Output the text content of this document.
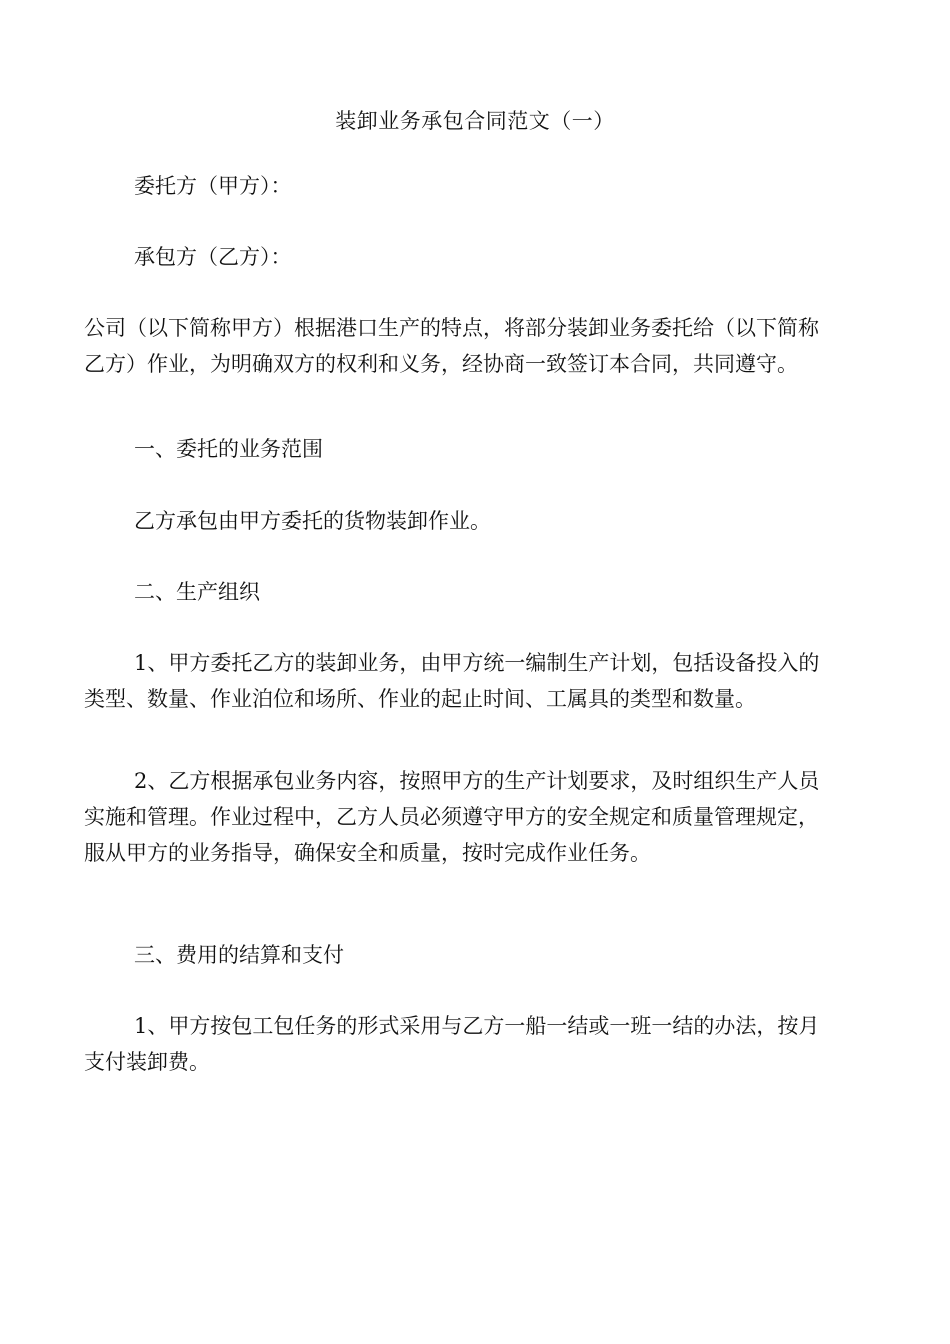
装卸业务承包合同范文（一）
委托方（甲方）：
承包方（乙方）：
公司（以下简称甲方）根据港口生产的特点，将部分装卸业务委托给（以下简称
乙方）作业，为明确双方的权利和义务，经协商一致签订本合同，共同遵守。
一、委托的业务范围
乙方承包由甲方委托的货物装卸作业。
二、生产组织
1、甲方委托乙方的装卸业务，由甲方统一编制生产计划，包括设备投入的
类型、数量、作业泊位和场所、作业的起止时间、工属具的类型和数量。
2、乙方根据承包业务内容，按照甲方的生产计划要求，及时组织生产人员
实施和管理。作业过程中，乙方人员必须遵守甲方的安全规定和质量管理规定，
服从甲方的业务指导，确保安全和质量，按时完成作业任务。
三、费用的结算和支付
1、甲方按包工包任务的形式采用与乙方一船一结或一班一结的办法，按月
支付装卸费。
